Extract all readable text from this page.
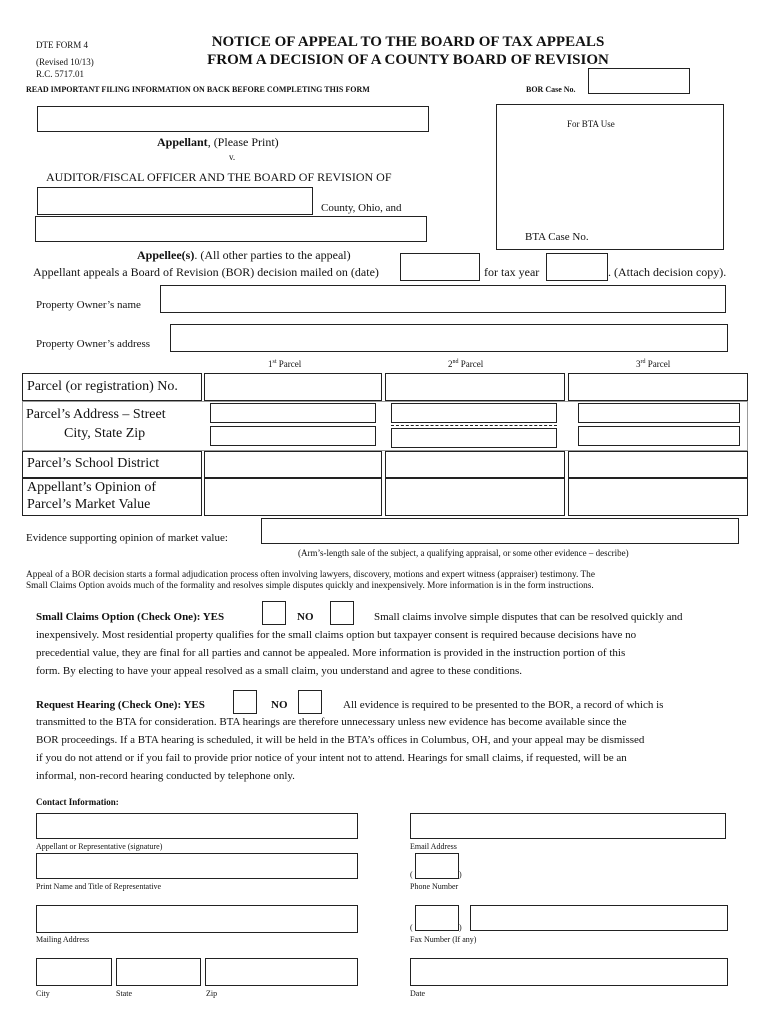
DTE FORM 4
(Revised 10/13)
R.C. 5717.01
NOTICE OF APPEAL TO THE BOARD OF TAX APPEALS
FROM A DECISION OF A COUNTY BOARD OF REVISION
READ IMPORTANT FILING INFORMATION ON BACK BEFORE COMPLETING THIS FORM	BOR Case No.
For BTA Use
BTA Case No.
Appellant, (Please Print)
v.
AUDITOR/FISCAL OFFICER AND THE BOARD OF REVISION OF
County, Ohio, and
Appellee(s). (All other parties to the appeal)
Appellant appeals a Board of Revision (BOR) decision mailed on (date)	for tax year	. (Attach decision copy).
Property Owner’s name
Property Owner’s address
1st Parcel	2nd Parcel	3rd Parcel
Parcel (or registration) No.
Parcel’s Address – Street
City, State Zip
Parcel’s School District
Appellant’s Opinion of
Parcel’s Market Value
Evidence supporting opinion of market value:
(Arm’s-length sale of the subject, a qualifying appraisal, or some other evidence – describe)
Appeal of a BOR decision starts a formal adjudication process often involving lawyers, discovery, motions and expert witness (appraiser) testimony. The
Small Claims Option avoids much of the formality and resolves simple disputes quickly and inexpensively. More information is in the form instructions.
Small Claims Option (Check One): YES	NO	Small claims involve simple disputes that can be resolved quickly and
inexpensively. Most residential property qualifies for the small claims option but taxpayer consent is required because decisions have no
precedential value, they are final for all parties and cannot be appealed. More information is provided in the instruction portion of this
form. By electing to have your appeal resolved as a small claim, you understand and agree to these conditions.
Request Hearing (Check One): YES	NO	All evidence is required to be presented to the BOR, a record of which is
transmitted to the BTA for consideration. BTA hearings are therefore unnecessary unless new evidence has become available since the
BOR proceedings. If a BTA hearing is scheduled, it will be held in the BTA’s offices in Columbus, OH, and your appeal may be dismissed
if you do not attend or if you fail to provide prior notice of your intent not to attend. Hearings for small claims, if requested, will be an
informal, non-record hearing conducted by telephone only.
Contact Information:
Appellant or Representative (signature)	Email Address
Print Name and Title of Representative
(	)
Phone Number
Mailing Address
(	)
Fax Number (If any)
City	State	Zip	Date
